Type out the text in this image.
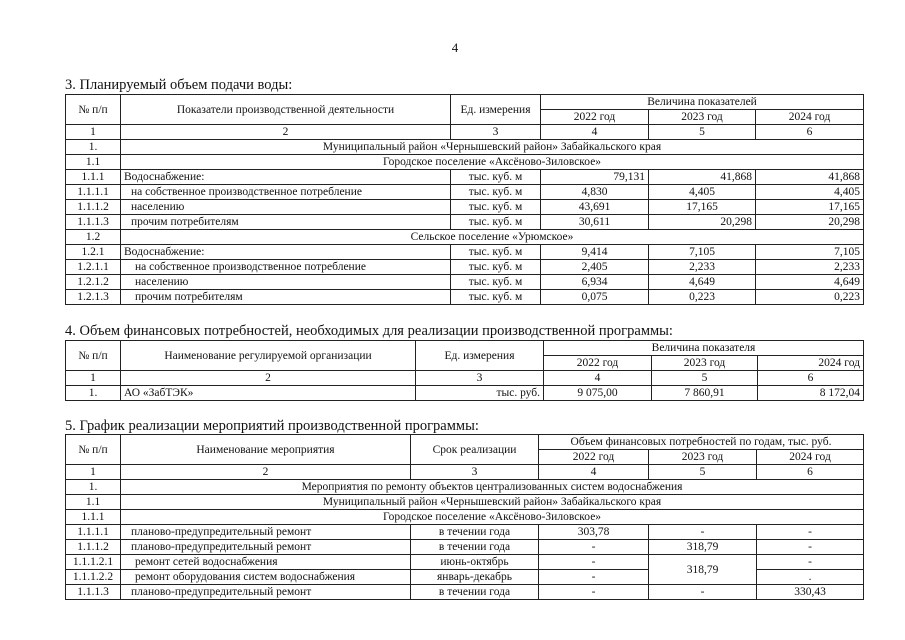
4
3. Планируемый объем подачи воды:
№ п/п	Показатели производственной деятельности	Ед. измерения	Величина показателей		
			2022 год	2023 год	2024 год
1	2	3	4	5	6
1.	Муниципальный район «Чернышевский район» Забайкальского края				
1.1	Городское поселение «Аксёново-Зиловское»				
1.1.1	Водоснабжение:	тыс. куб. м	79,131	41,868	41,868
1.1.1.1	на собственное производственное потребление	тыс. куб. м	4,830	4,405	4,405
1.1.1.2	населению	тыс. куб. м	43,691	17,165	17,165
1.1.1.3	прочим потребителям	тыс. куб. м	30,611	20,298	20,298
1.2	Сельское поселение «Урюмское»				
1.2.1	Водоснабжение:	тыс. куб. м	9,414	7,105	7,105
1.2.1.1	на собственное производственное потребление	тыс. куб. м	2,405	2,233	2,233
1.2.1.2	населению	тыс. куб. м	6,934	4,649	4,649
1.2.1.3	прочим потребителям	тыс. куб. м	0,075	0,223	0,223
4. Объем финансовых потребностей, необходимых для реализации производственной программы:
№ п/п	Наименование регулируемой организации	Ед. измерения	Величина показателя		
			2022 год	2023 год	2024 год
1	2	3	4	5	6
1.	АО «ЗабТЭК»	тыс. руб.	9 075,00	7 860,91	8 172,04
5. График реализации мероприятий производственной программы:
№ п/п	Наименование мероприятия	Срок реализации	Объем финансовых потребностей по годам, тыс. руб.		
			2022 год	2023 год	2024 год
1	2	3	4	5	6
1.	Мероприятия по ремонту объектов централизованных систем водоснабжения				
1.1	Муниципальный район «Чернышевский район» Забайкальского края				
1.1.1	Городское поселение «Аксёново-Зиловское»				
1.1.1.1	планово-предупредительный ремонт	в течении года	303,78	-	-
1.1.1.2	планово-предупредительный ремонт	в течении года	-	318,79	-
1.1.1.2.1	ремонт сетей водоснабжения	июнь-октябрь	-	318,79	-
1.1.1.2.2	ремонт оборудования систем водоснабжения	январь-декабрь	-		.
1.1.1.3	планово-предупредительный ремонт	в течении года	-	-	330,43
